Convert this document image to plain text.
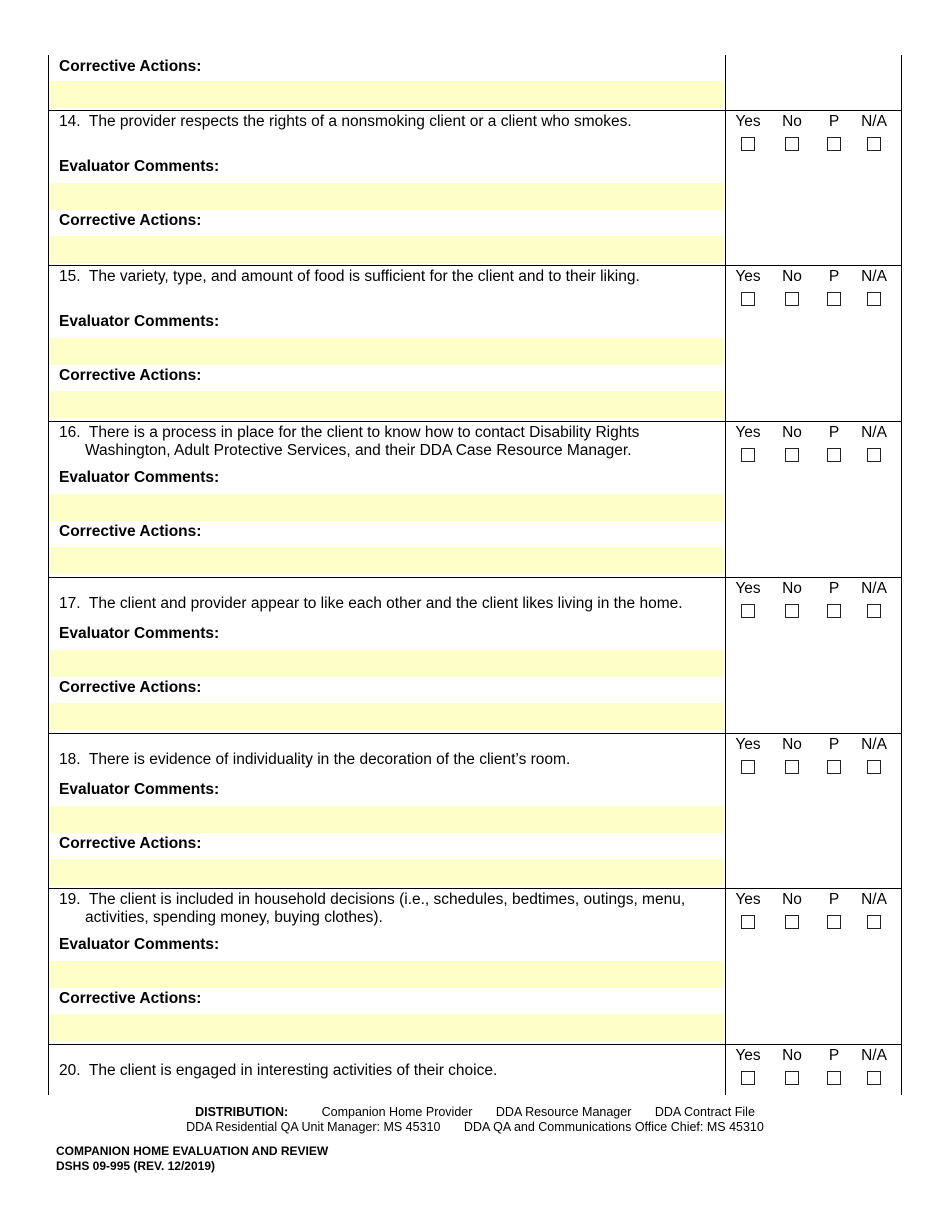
Corrective Actions:
14. The provider respects the rights of a nonsmoking client or a client who smokes.	Yes	No	P	N/A
Evaluator Comments:
Corrective Actions:
15. The variety, type, and amount of food is sufficient for the client and to their liking.	Yes	No	P	N/A
Evaluator Comments:
Corrective Actions:
16. There is a process in place for the client to know how to contact Disability Rights Washington, Adult Protective Services, and their DDA Case Resource Manager.
Yes	No	P	N/A
Evaluator Comments:
Corrective Actions:
17. The client and provider appear to like each other and the client likes living in the home.
Yes	No	P	N/A
Evaluator Comments:
Corrective Actions:
18. There is evidence of individuality in the decoration of the client’s room.
Yes	No	P	N/A
Evaluator Comments:
Corrective Actions:
19. The client is included in household decisions (i.e., schedules, bedtimes, outings, menu, activities, spending money, buying clothes).
Yes	No	P	N/A
Evaluator Comments:
Corrective Actions:
20. The client is engaged in interesting activities of their choice.
Yes	No	P	N/A
DISTRIBUTION:	Companion Home Provider DDA Resource Manager DDA Contract File
DDA Residential QA Unit Manager: MS 45310 DDA QA and Communications Office Chief: MS 45310
COMPANION HOME EVALUATION AND REVIEW
DSHS 09-995 (REV. 12/2019)
